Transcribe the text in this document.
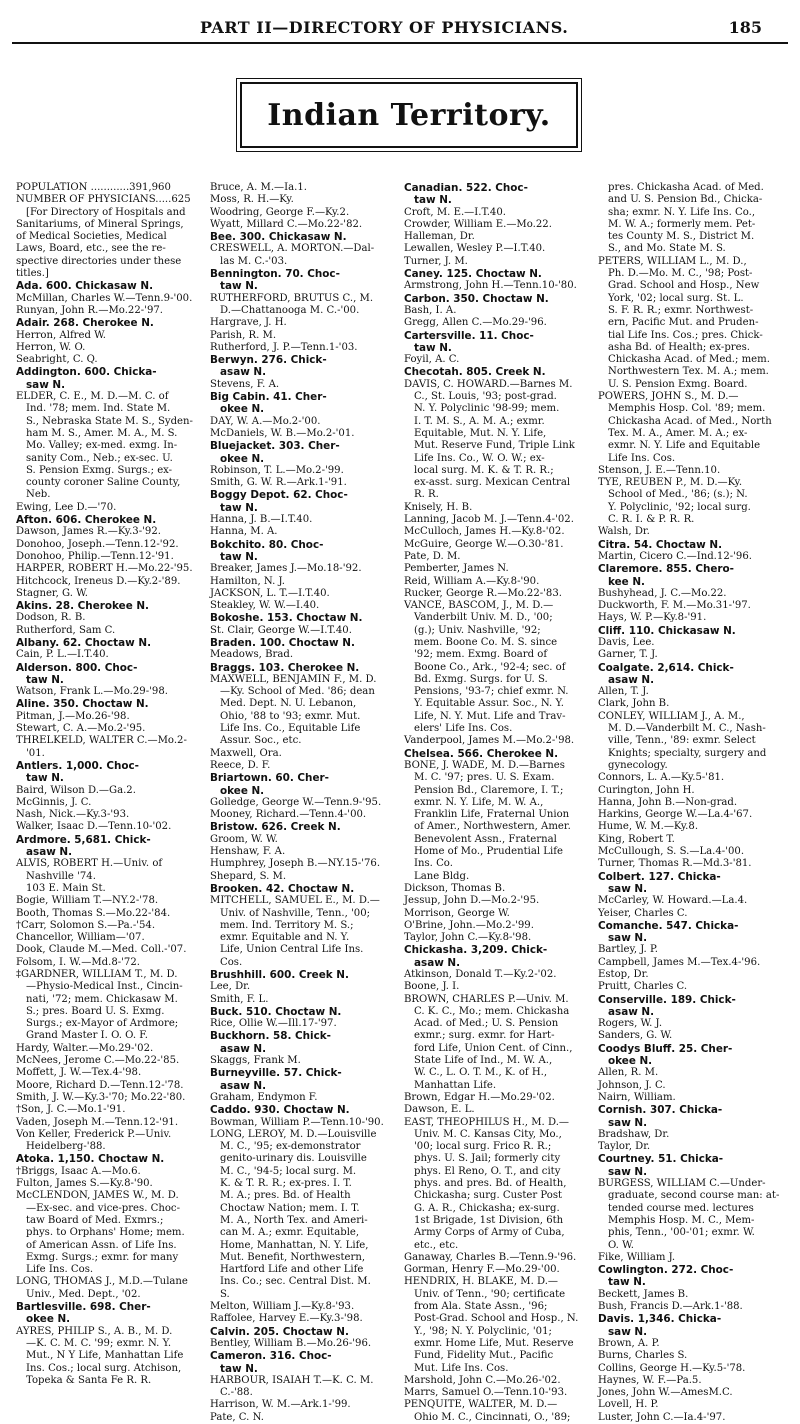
PART II—DIRECTORY OF PHYSICIANS.	185
Indian Territory.
POPULATION ............391,960
NUMBER OF PHYSICIANS.....625
[For Directory of Hospitals and
Sanitariums, of Mineral Springs,
of Medical Societies, Medical
Laws, Board, etc., see the re-
spective directories under these
titles.]
Ada. 600. Chickasaw N.
McMillan, Charles W.—Tenn.9-'00.
Runyan, John R.—Mo.22-'97.
Adair. 268. Cherokee N.
Herron, Alfred W.
Herron, W. O.
Seabright, C. Q.
Addington. 600. Chicka-
saw N.
ELDER, C. E., M. D.—M. C. of
Ind. '78; mem. Ind. State M.
S., Nebraska State M. S., Syden-
ham M. S., Amer. M. A., M. S.
Mo. Valley; ex-med. exmg. In-
sanity Com., Neb.; ex-sec. U.
S. Pension Exmg. Surgs.; ex-
county coroner Saline County,
Neb.
Ewing, Lee D.—'70.
Afton. 606. Cherokee N.
Dawson, James R.—Ky.3-'92.
Donohoo, Joseph.—Tenn.12-'92.
Donohoo, Philip.—Tenn.12-'91.
HARPER, ROBERT H.—Mo.22-'95.
Hitchcock, Ireneus D.—Ky.2-'89.
Stagner, G. W.
Akins. 28. Cherokee N.
Dodson, R. B.
Rutherford, Sam C.
Albany. 62. Choctaw N.
Cain, P. L.—I.T.40.
Alderson. 800. Choc-
taw N.
Watson, Frank L.—Mo.29-'98.
Aline. 350. Choctaw N.
Pitman, J.—Mo.26-'98.
Stewart, C. A.—Mo.2-'95.
THRELKELD, WALTER C.—Mo.2-
'01.
Antlers. 1,000. Choc-
taw N.
Baird, Wilson D.—Ga.2.
McGinnis, J. C.
Nash, Nick.—Ky.3-'93.
Walker, Isaac D.—Tenn.10-'02.
Ardmore. 5,681. Chick-
asaw N.
ALVIS, ROBERT H.—Univ. of
Nashville '74.
103 E. Main St.
Bogie, William T.—NY.2-'78.
Booth, Thomas S.—Mo.22-'84.
†Carr, Solomon S.—Pa.-'54.
Chancellor, William—'07.
Dook, Claude M.—Med. Coll.-'07.
Folsom, I. W.—Md.8-'72.
‡GARDNER, WILLIAM T., M. D.
—Physio-Medical Inst., Cincin-
nati, '72; mem. Chickasaw M.
S.; pres. Board U. S. Exmg.
Surgs.; ex-Mayor of Ardmore;
Grand Master I. O. O. F.
Hardy, Walter.—Mo.29-'02.
McNees, Jerome C.—Mo.22-'85.
Moffett, J. W.—Tex.4-'98.
Moore, Richard D.—Tenn.12-'78.
Smith, J. W.—Ky.3-'70; Mo.22-'80.
†Son, J. C.—Mo.1-'91.
Vaden, Joseph M.—Tenn.12-'91.
Von Keller, Frederick P.—Univ.
Heidelberg-'88.
Atoka. 1,150. Choctaw N.
†Briggs, Isaac A.—Mo.6.
Fulton, James S.—Ky.8-'90.
McCLENDON, JAMES W., M. D.
—Ex-sec. and vice-pres. Choc-
taw Board of Med. Exmrs.;
phys. to Orphans' Home; mem.
of American Assn. of Life Ins.
Exmg. Surgs.; exmr. for many
Life Ins. Cos.
LONG, THOMAS J., M.D.—Tulane
Univ., Med. Dept., '02.
Bartlesville. 698. Cher-
okee N.
AYRES, PHILIP S., A. B., M. D.
—K. C. M. C. '99; exmr. N. Y.
Mut., N Y Life, Manhattan Life
Ins. Cos.; local surg. Atchison,
Topeka & Santa Fe R. R.
Bruce, A. M.—Ia.1.
Moss, R. H.—Ky.
Woodring, George F.—Ky.2.
Wyatt, Millard C.—Mo.22-'82.
Bee. 300. Chickasaw N.
CRESWELL, A. MORTON.—Dal-
las M. C.-'03.
Bennington. 70. Choc-
taw N.
RUTHERFORD, BRUTUS C., M.
D.—Chattanooga M. C.-'00.
Hargrave, J. H.
Parish, R. M.
Rutherford, J. P.—Tenn.1-'03.
Berwyn. 276. Chick-
asaw N.
Stevens, F. A.
Big Cabin. 41. Cher-
okee N.
DAY, W. A.—Mo.2-'00.
McDaniels, W. B.—Mo.2-'01.
Bluejacket. 303. Cher-
okee N.
Robinson, T. L.—Mo.2-'99.
Smith, G. W. R.—Ark.1-'91.
Boggy Depot. 62. Choc-
taw N.
Hanna, J. B.—I.T.40.
Hanna, M. A.
Bokchito. 80. Choc-
taw N.
Breaker, James J.—Mo.18-'92.
Hamilton, N. J.
JACKSON, L. T.—I.T.40.
Steakley, W. W.—I.40.
Bokoshe. 153. Choctaw N.
St. Clair, George W.—I.T.40.
Braden. 100. Choctaw N.
Meadows, Brad.
Braggs. 103. Cherokee N.
MAXWELL, BENJAMIN F., M. D.
—Ky. School of Med. '86; dean
Med. Dept. N. U. Lebanon,
Ohio, '88 to '93; exmr. Mut.
Life Ins. Co., Equitable Life
Assur. Soc., etc.
Maxwell, Ora.
Reece, D. F.
Briartown. 60. Cher-
okee N.
Golledge, George W.—Tenn.9-'95.
Mooney, Richard.—Tenn.4-'00.
Bristow. 626. Creek N.
Groom, W. W.
Henshaw, F. A.
Humphrey, Joseph B.—NY.15-'76.
Shepard, S. M.
Brooken. 42. Choctaw N.
MITCHELL, SAMUEL E., M. D.—
Univ. of Nashville, Tenn., '00;
mem. Ind. Territory M. S.;
exmr. Equitable and N. Y.
Life, Union Central Life Ins.
Cos.
Brushhill. 600. Creek N.
Lee, Dr.
Smith, F. L.
Buck. 510. Choctaw N.
Rice, Ollie W.—Ill.17-'97.
Buckhorn. 58. Chick-
asaw N.
Skaggs, Frank M.
Burneyville. 57. Chick-
asaw N.
Graham, Endymon F.
Caddo. 930. Choctaw N.
Bowman, William P.—Tenn.10-'90.
LONG, LEROY, M. D.—Louisville
M. C., '95; ex-demonstrator
genito-urinary dis. Louisville
M. C., '94-5; local surg. M.
K. & T. R. R.; ex-pres. I. T.
M. A.; pres. Bd. of Health
Choctaw Nation; mem. I. T.
M. A., North Tex. and Ameri-
can M. A.; exmr. Equitable,
Home, Manhattan, N. Y. Life,
Mut. Benefit, Northwestern,
Hartford Life and other Life
Ins. Co.; sec. Central Dist. M.
S.
Melton, William J.—Ky.8-'93.
Raffolee, Harvey E.—Ky.3-'98.
Calvin. 205. Choctaw N.
Bentley, William B.—Mo.26-'96.
Cameron. 316. Choc-
taw N.
HARBOUR, ISAIAH T.—K. C. M.
C.-'88.
Harrison, W. M.—Ark.1-'99.
Pate, C. N.
Canadian. 522. Choc-
taw N.
Croft, M. E.—I.T.40.
Crowder, William E.—Mo.22.
Halleman, Dr.
Lewallen, Wesley P.—I.T.40.
Turner, J. M.
Caney. 125. Choctaw N.
Armstrong, John H.—Tenn.10-'80.
Carbon. 350. Choctaw N.
Bash, I. A.
Gregg, Allen C.—Mo.29-'96.
Cartersville. 11. Choc-
taw N.
Foyil, A. C.
Checotah. 805. Creek N.
DAVIS, C. HOWARD.—Barnes M.
C., St. Louis, '93; post-grad.
N. Y. Polyclinic '98-99; mem.
I. T. M. S., A. M. A.; exmr.
Equitable, Mut. N. Y. Life,
Mut. Reserve Fund, Triple Link
Life Ins. Co., W. O. W.; ex-
local surg. M. K. & T. R. R.;
ex-asst. surg. Mexican Central
R. R.
Knisely, H. B.
Lanning, Jacob M. J.—Tenn.4-'02.
McCulloch, James H.—Ky.8-'02.
McGuire, George W.—O.30-'81.
Pate, D. M.
Pemberter, James N.
Reid, William A.—Ky.8-'90.
Rucker, George R.—Mo.22-'83.
VANCE, BASCOM, J., M. D.—
Vanderbilt Univ. M. D., '00;
(g.); Univ. Nashville, '92;
mem. Boone Co. M. S. since
'92; mem. Exmg. Board of
Boone Co., Ark., '92-4; sec. of
Bd. Exmg. Surgs. for U. S.
Pensions, '93-7; chief exmr. N.
Y. Equitable Assur. Soc., N. Y.
Life, N. Y. Mut. Life and Trav-
elers' Life Ins. Cos.
Vanderpool, James M.—Mo.2-'98.
Chelsea. 566. Cherokee N.
BONE, J. WADE, M. D.—Barnes
M. C. '97; pres. U. S. Exam.
Pension Bd., Claremore, I. T.;
exmr. N. Y. Life, M. W. A.,
Franklin Life, Fraternal Union
of Amer., Northwestern, Amer.
Benevolent Assn., Fraternal
Home of Mo., Prudential Life
Ins. Co.
Lane Bldg.
Dickson, Thomas B.
Jessup, John D.—Mo.2-'95.
Morrison, George W.
O'Brine, John.—Mo.2-'99.
Taylor, John C.—Ky.8-'98.
Chickasha. 3,209. Chick-
asaw N.
Atkinson, Donald T.—Ky.2-'02.
Boone, J. I.
BROWN, CHARLES P.—Univ. M.
C. K. C., Mo.; mem. Chickasha
Acad. of Med.; U. S. Pension
exmr.; surg. exmr. for Hart-
ford Life, Union Cent. of Cinn.,
State Life of Ind., M. W. A.,
W. C., L. O. T. M., K. of H.,
Manhattan Life.
Brown, Edgar H.—Mo.29-'02.
Dawson, E. L.
EAST, THEOPHILUS H., M. D.—
Univ. M. C. Kansas City, Mo.,
'00; local surg. Frico R. R.;
phys. U. S. Jail; formerly city
phys. El Reno, O. T., and city
phys. and pres. Bd. of Health,
Chickasha; surg. Custer Post
G. A. R., Chickasha; ex-surg.
1st Brigade, 1st Division, 6th
Army Corps of Army of Cuba,
etc., etc.
Ganaway, Charles B.—Tenn.9-'96.
Gorman, Henry F.—Mo.29-'00.
HENDRIX, H. BLAKE, M. D.—
Univ. of Tenn., '90; certificate
from Ala. State Assn., '96;
Post-Grad. School and Hosp., N.
Y., '98; N. Y. Polyclinic, '01;
exmr. Home Life, Mut. Reserve
Fund, Fidelity Mut., Pacific
Mut. Life Ins. Cos.
Marshold, John C.—Mo.26-'02.
Marrs, Samuel O.—Tenn.10-'93.
PENQUITE, WALTER, M. D.—
Ohio M. C., Cincinnati, O., '89;
pres. Chickasha Acad. of Med.
and U. S. Pension Bd., Chicka-
sha; exmr. N. Y. Life Ins. Co.,
M. W. A.; formerly mem. Pet-
tes County M. S., District M.
S., and Mo. State M. S.
PETERS, WILLIAM L., M. D.,
Ph. D.—Mo. M. C., '98; Post-
Grad. School and Hosp., New
York, '02; local surg. St. L.
S. F. R. R.; exmr. Northwest-
ern, Pacific Mut. and Pruden-
tial Life Ins. Cos.; pres. Chick-
asha Bd. of Health; ex-pres.
Chickasha Acad. of Med.; mem.
Northwestern Tex. M. A.; mem.
U. S. Pension Exmg. Board.
POWERS, JOHN S., M. D.—
Memphis Hosp. Col. '89; mem.
Chickasha Acad. of Med., North
Tex. M. A., Amer. M. A.; ex-
exmr. N. Y. Life and Equitable
Life Ins. Cos.
Stenson, J. E.—Tenn.10.
TYE, REUBEN P., M. D.—Ky.
School of Med., '86; (s.); N.
Y. Polyclinic, '92; local surg.
C. R. I. & P. R. R.
Walsh, Dr.
Citra. 54. Choctaw N.
Martin, Cicero C.—Ind.12-'96.
Claremore. 855. Chero-
kee N.
Bushyhead, J. C.—Mo.22.
Duckworth, F. M.—Mo.31-'97.
Hays, W. P.—Ky.8-'91.
Cliff. 110. Chickasaw N.
Davis, Lee.
Garner, T. J.
Coalgate. 2,614. Chick-
asaw N.
Allen, T. J.
Clark, John B.
CONLEY, WILLIAM J., A. M.,
M. D.—Vanderbilt M. C., Nash-
ville, Tenn., '89: exmr. Select
Knights; specialty, surgery and
gynecology.
Connors, L. A.—Ky.5-'81.
Curington, John H.
Hanna, John B.—Non-grad.
Harkins, George W.—La.4-'67.
Hume, W. M.—Ky.8.
King, Robert T.
McCullough, S. S.—La.4-'00.
Turner, Thomas R.—Md.3-'81.
Colbert. 127. Chicka-
saw N.
McCarley, W. Howard.—La.4.
Yeiser, Charles C.
Comanche. 547. Chicka-
saw N.
Bartley, J. P.
Campbell, James M.—Tex.4-'96.
Estop, Dr.
Pruitt, Charles C.
Conserville. 189. Chick-
asaw N.
Rogers, W. J.
Sanders, G. W.
Coodys Bluff. 25. Cher-
okee N.
Allen, R. M.
Johnson, J. C.
Nairn, William.
Cornish. 307. Chicka-
saw N.
Bradshaw, Dr.
Taylor, Dr.
Courtney. 51. Chicka-
saw N.
BURGESS, WILLIAM C.—Under-
graduate, second course man: at-
tended course med. lectures
Memphis Hosp. M. C., Mem-
phis, Tenn., '00-'01; exmr. W.
O. W.
Fike, William J.
Cowlington. 272. Choc-
taw N.
Beckett, James B.
Bush, Francis D.—Ark.1-'88.
Davis. 1,346. Chicka-
saw N.
Brown, A. P.
Burns, Charles S.
Collins, George H.—Ky.5-'78.
Haynes, W. F.—Pa.5.
Jones, John W.—AmesM.C.
Lovell, H. P.
Luster, John C.—Ia.4-'97.
